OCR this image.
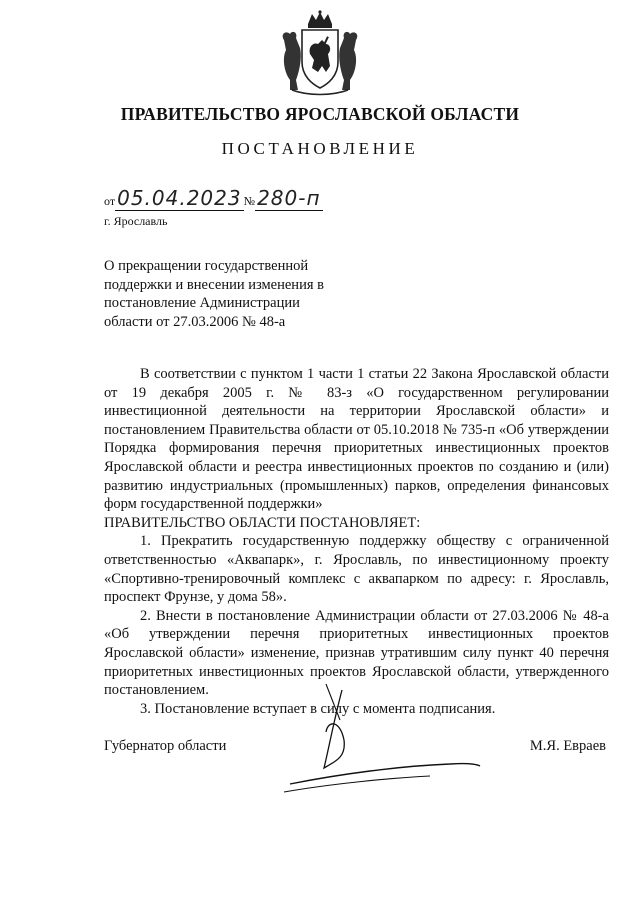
ПРАВИТЕЛЬСТВО ЯРОСЛАВСКОЙ ОБЛАСТИ
ПОСТАНОВЛЕНИЕ
от 05.04.2023 № 280-п
г. Ярославль
О прекращении государственной
поддержки и внесении изменения в
постановление Администрации
области от 27.03.2006 № 48-а

В соответствии с пунктом 1 части 1 статьи 22 Закона Ярославской области от 19 декабря 2005 г. № 83-з «О государственном регулировании инвестиционной деятельности на территории Ярославской области» и постановлением Правительства области от 05.10.2018 № 735-п «Об утверждении Порядка формирования перечня приоритетных инвестиционных проектов Ярославской области и реестра инвестиционных проектов по созданию и (или) развитию индустриальных (промышленных) парков, определения финансовых форм государственной поддержки»

ПРАВИТЕЛЬСТВО ОБЛАСТИ ПОСТАНОВЛЯЕТ:

1. Прекратить государственную поддержку обществу с ограниченной ответственностью «Аквапарк», г. Ярославль, по инвестиционному проекту «Спортивно-тренировочный комплекс с аквапарком по адресу: г. Ярославль, проспект Фрунзе, у дома 58».

2. Внести в постановление Администрации области от 27.03.2006 № 48-а «Об утверждении перечня приоритетных инвестиционных проектов Ярославской области» изменение, признав утратившим силу пункт 40 перечня приоритетных инвестиционных проектов Ярославской области, утвержденного постановлением.

3. Постановление вступает в силу с момента подписания.

Губернатор области	М.Я. Евраев
